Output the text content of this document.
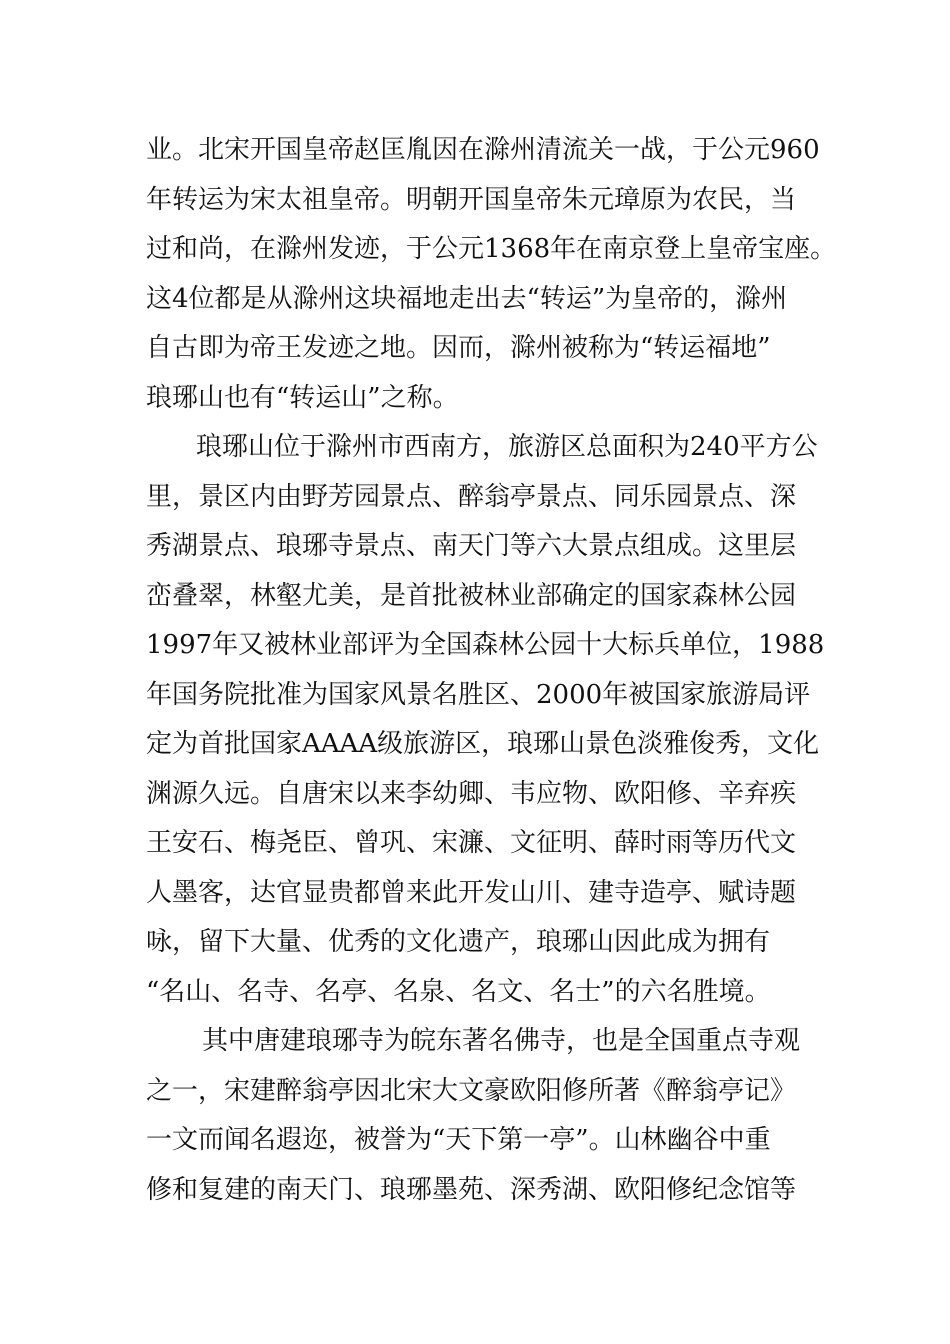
业。北宋开国皇帝赵匡胤因在滁州清流关一战，于公元960
年转运为宋太祖皇帝。明朝开国皇帝朱元璋原为农民，当
过和尚，在滁州发迹，于公元1368年在南京登上皇帝宝座。
这4位都是从滁州这块福地走出去“转运”为皇帝的，滁州
自古即为帝王发迹之地。因而，滁州被称为“转运福地”
琅琊山也有“转运山”之称。
琅琊山位于滁州市西南方，旅游区总面积为240平方公
里，景区内由野芳园景点、醉翁亭景点、同乐园景点、深
秀湖景点、琅琊寺景点、南天门等六大景点组成。这里层
峦叠翠，林壑尤美，是首批被林业部确定的国家森林公园
1997年又被林业部评为全国森林公园十大标兵单位，1988
年国务院批准为国家风景名胜区、2000年被国家旅游局评
定为首批国家AAAA级旅游区，琅琊山景色淡雅俊秀，文化
渊源久远。自唐宋以来李幼卿、韦应物、欧阳修、辛弃疾
王安石、梅尧臣、曾巩、宋濂、文征明、薛时雨等历代文
人墨客，达官显贵都曾来此开发山川、建寺造亭、赋诗题
咏，留下大量、优秀的文化遗产，琅琊山因此成为拥有
“名山、名寺、名亭、名泉、名文、名士”的六名胜境。
其中唐建琅琊寺为皖东著名佛寺，也是全国重点寺观
之一，宋建醉翁亭因北宋大文豪欧阳修所著《醉翁亭记》
一文而闻名遐迩，被誉为“天下第一亭”。山林幽谷中重
修和复建的南天门、琅琊墨苑、深秀湖、欧阳修纪念馆等
